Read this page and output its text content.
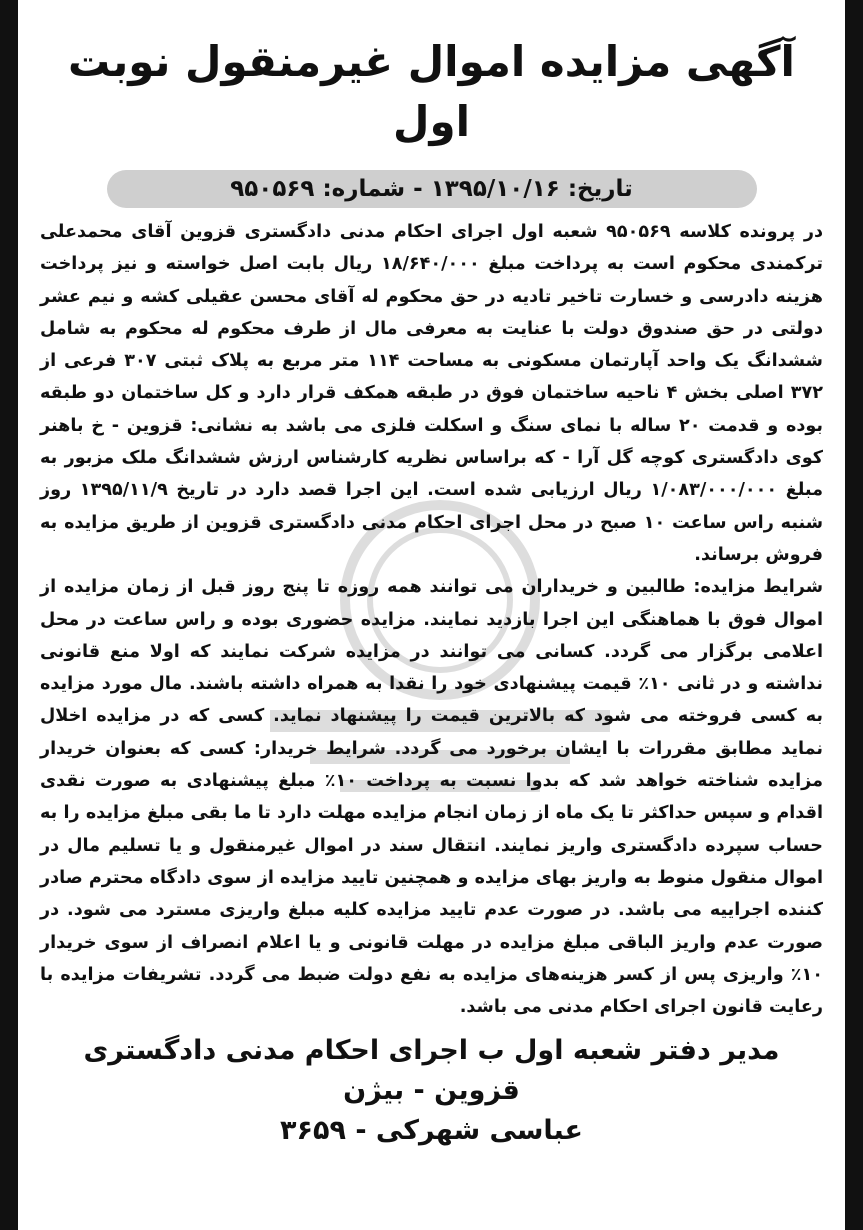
آگهی مزایده اموال غیرمنقول نوبت اول
تاریخ: ۱۳۹۵/۱۰/۱۶ - شماره: ۹۵۰۵۶۹

در پرونده کلاسه ۹۵۰۵۶۹ شعبه اول اجرای احکام مدنی دادگستری قزوین آقای محمدعلی ترکمندی محکوم است به پرداخت مبلغ ۱۸/۶۴۰/۰۰۰ ریال بابت اصل خواسته و نیز پرداخت هزینه دادرسی و خسارت تاخیر تادیه در حق محکوم له آقای محسن عقیلی کشه و نیم عشر دولتی در حق صندوق دولت با عنایت به معرفی مال از طرف محکوم له محکوم به شامل ششدانگ یک واحد آپارتمان مسکونی به مساحت ۱۱۴ متر مربع به پلاک ثبتی ۳۰۷ فرعی از ۳۷۲ اصلی بخش ۴ ناحیه ساختمان فوق در طبقه همکف قرار دارد و کل ساختمان دو طبقه بوده و قدمت ۲۰ ساله با نمای سنگ و اسکلت فلزی می باشد به نشانی: قزوین - خ باهنر کوی دادگستری کوچه گل آرا - که براساس نظریه کارشناس ارزش ششدانگ ملک مزبور به مبلغ ۱/۰۸۳/۰۰۰/۰۰۰ ریال ارزیابی شده است. این اجرا قصد دارد در تاریخ ۱۳۹۵/۱۱/۹ روز شنبه راس ساعت ۱۰ صبح در محل اجرای احکام مدنی دادگستری قزوین از طریق مزایده به فروش برساند.

شرایط مزایده: طالبین و خریداران می توانند همه روزه تا پنج روز قبل از زمان مزایده از اموال فوق با هماهنگی این اجرا بازدید نمایند. مزایده حضوری بوده و راس ساعت در محل اعلامی برگزار می گردد. کسانی می توانند در مزایده شرکت نمایند که اولا منع قانونی نداشته و در ثانی ۱۰٪ قیمت پیشنهادی خود را نقدا به همراه داشته باشند. مال مورد مزایده به کسی فروخته می شود که بالاترین قیمت را پیشنهاد نماید. کسی که در مزایده اخلال نماید مطابق مقررات با ایشان برخورد می گردد. شرایط خریدار: کسی که بعنوان خریدار مزایده شناخته خواهد شد که بدوا نسبت به پرداخت ۱۰٪ مبلغ پیشنهادی به صورت نقدی اقدام و سپس حداکثر تا یک ماه از زمان انجام مزایده مهلت دارد تا ما بقی مبلغ مزایده را به حساب سپرده دادگستری واریز نمایند. انتقال سند در اموال غیرمنقول و یا تسلیم مال در اموال منقول منوط به واریز بهای مزایده و همچنین تایید مزایده از سوی دادگاه محترم صادر کننده اجراییه می باشد. در صورت عدم تایید مزایده کلیه مبلغ واریزی مسترد می شود. در صورت عدم واریز الباقی مبلغ مزایده در مهلت قانونی و یا اعلام انصراف از سوی خریدار ۱۰٪ واریزی پس از کسر هزینه‌های مزایده به نفع دولت ضبط می گردد. تشریفات مزایده با رعایت قانون اجرای احکام مدنی می باشد.

مدیر دفتر شعبه اول ب اجرای احکام مدنی دادگستری قزوین - بیژن
عباسی شهرکی - ۳۶۵۹
